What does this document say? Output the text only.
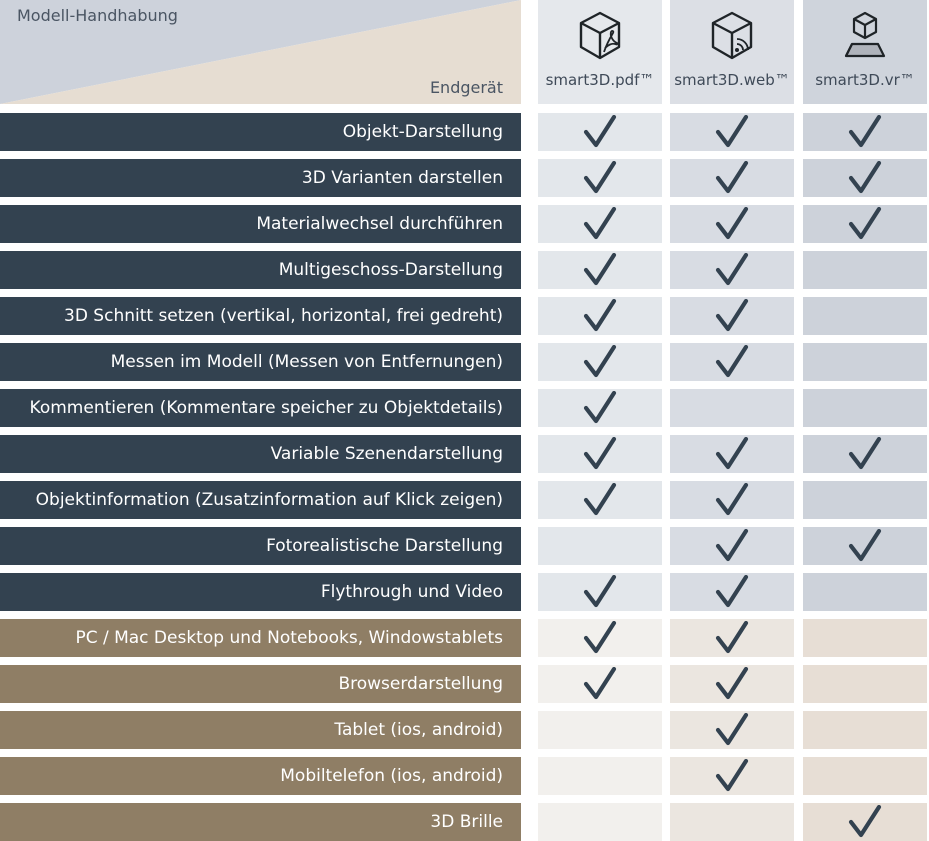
Modell-Handhabung
Endgerät	smart3D.pdf™ smart3D.web™ smart3D.vr™
Objekt-Darstellung
3D Varianten darstellen
Materialwechsel durchführen
Multigeschoss-Darstellung
3D Schnitt setzen (vertikal, horizontal, frei gedreht)
Messen im Modell (Messen von Entfernungen)
Kommentieren (Kommentare speicher zu Objektdetails)
Variable Szenendarstellung
Objektinformation (Zusatzinformation auf Klick zeigen)
Fotorealistische Darstellung
Flythrough und Video
PC / Mac Desktop und Notebooks, Windowstablets
Browserdarstellung
Tablet (ios, android)
Mobiltelefon (ios, android)
3D Brille
